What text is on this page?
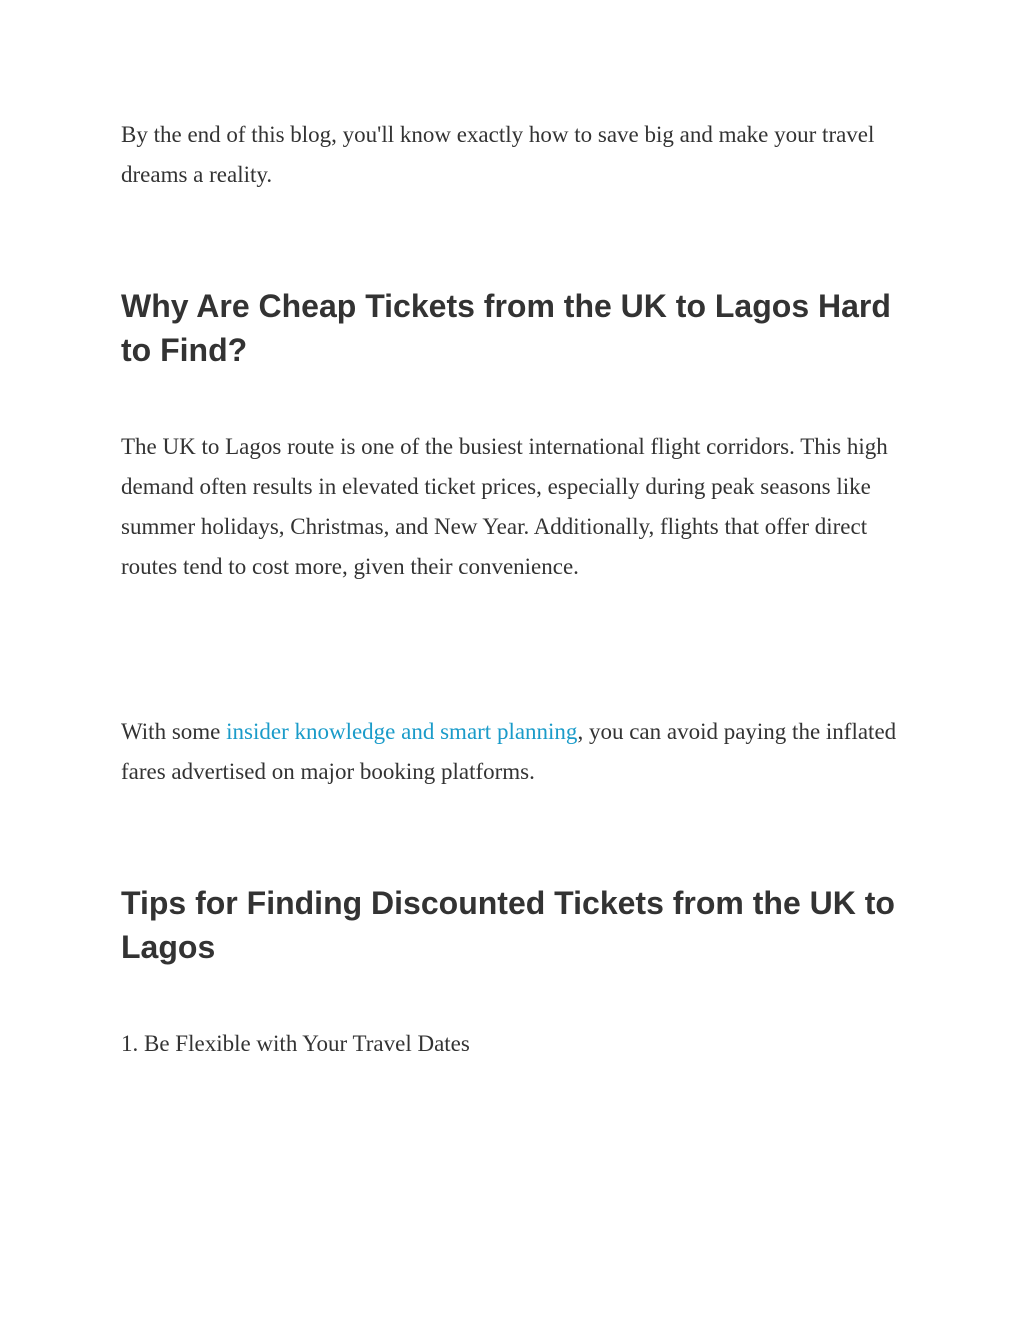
By the end of this blog, you'll know exactly how to save big and make your travel dreams a reality.

Why Are Cheap Tickets from the UK to Lagos Hard to Find?

The UK to Lagos route is one of the busiest international flight corridors. This high demand often results in elevated ticket prices, especially during peak seasons like summer holidays, Christmas, and New Year. Additionally, flights that offer direct routes tend to cost more, given their convenience.

With some insider knowledge and smart planning, you can avoid paying the inflated fares advertised on major booking platforms.

Tips for Finding Discounted Tickets from the UK to Lagos

1. Be Flexible with Your Travel Dates
